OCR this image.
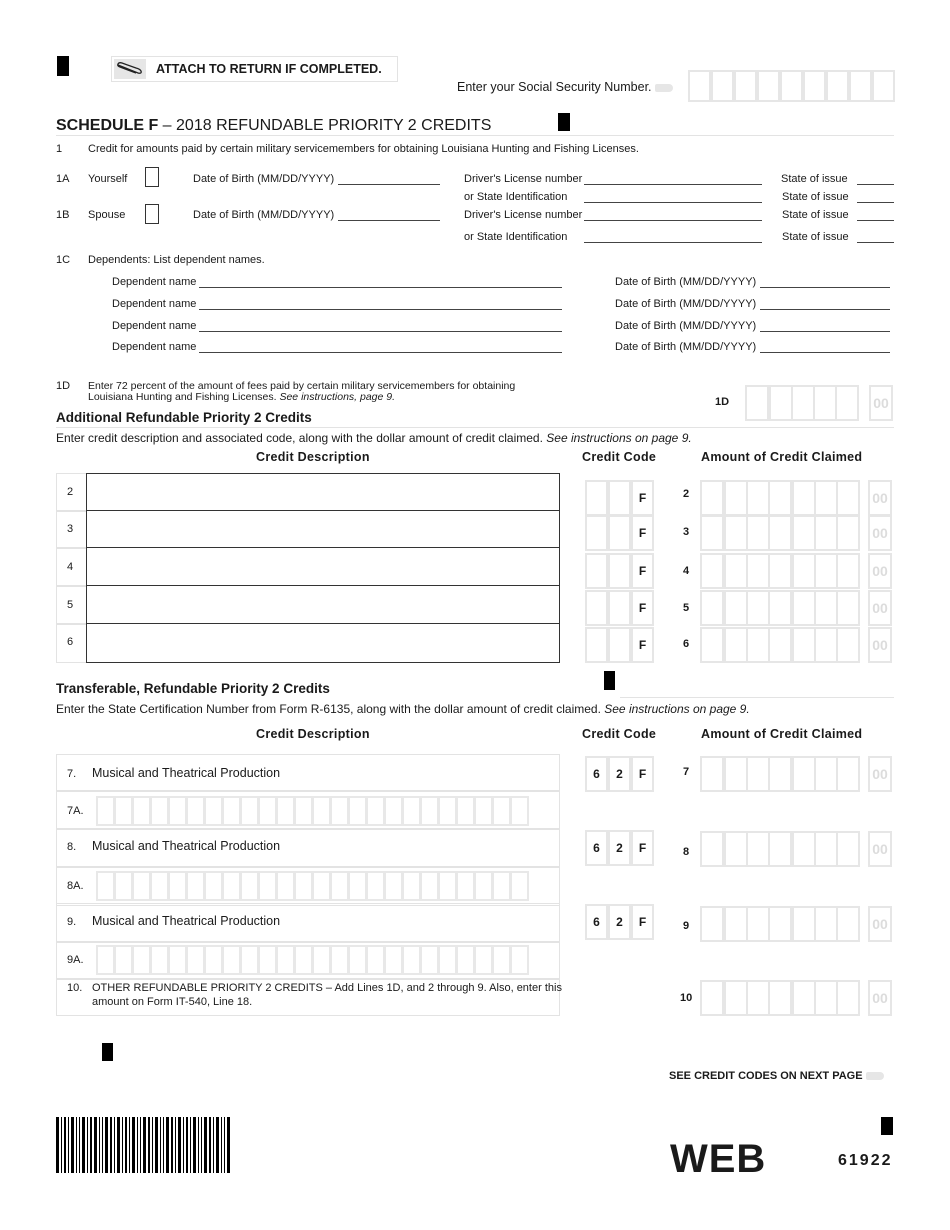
ATTACH TO RETURN IF COMPLETED.
Enter your Social Security Number.
SCHEDULE F – 2018 REFUNDABLE PRIORITY 2 CREDITS
1 Credit for amounts paid by certain military servicemembers for obtaining Louisiana Hunting and Fishing Licenses.
1A Yourself	Date of Birth (MM/DD/YYYY)	Driver's License number	State of issue
or State Identification	State of issue
1B Spouse	Date of Birth (MM/DD/YYYY)	Driver's License number	State of issue
or State Identification	State of issue
1C Dependents: List dependent names.
Dependent name	Date of Birth (MM/DD/YYYY)
Dependent name	Date of Birth (MM/DD/YYYY)
Dependent name	Date of Birth (MM/DD/YYYY)
Dependent name	Date of Birth (MM/DD/YYYY)
1D Enter 72 percent of the amount of fees paid by certain military servicemembers for obtaining
Louisiana Hunting and Fishing Licenses. See instructions, page 9.	1D	00
Additional Refundable Priority 2 Credits
Enter credit description and associated code, along with the dollar amount of credit claimed. See instructions on page 9.
Credit Description	Credit Code	Amount of Credit Claimed
2	F	2	00
3	F	3	00
4	F	4	00
5	F	5	00
6	F	6	00
Transferable, Refundable Priority 2 Credits
Enter the State Certification Number from Form R-6135, along with the dollar amount of credit claimed. See instructions on page 9.
Credit Description	Credit Code	Amount of Credit Claimed
7. Musical and Theatrical Production	6	2	F	7	00
7A.
8. Musical and Theatrical Production	6	2	F	8	00
8A.
9. Musical and Theatrical Production	6	2	F	9	00
9A.
10. OTHER REFUNDABLE PRIORITY 2 CREDITS – Add Lines 1D, and 2 through 9. Also, enter this
amount on Form IT-540, Line 18.	10	00
SEE CREDIT CODES ON NEXT PAGE
WEB	61922
